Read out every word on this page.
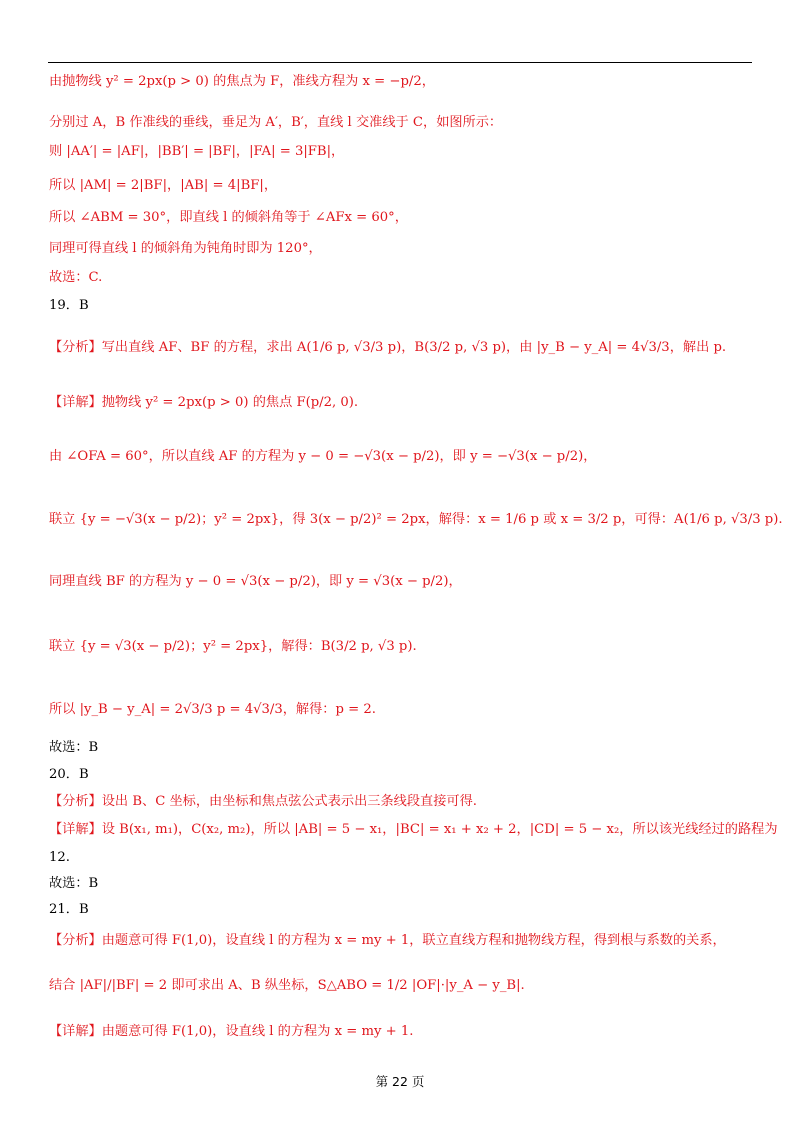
由抛物线 y² = 2px(p > 0) 的焦点为 F，准线方程为 x = −p/2，
分别过 A，B 作准线的垂线，垂足为 A′，B′，直线 l 交准线于 C，如图所示：
则 |AA′| = |AF|，|BB′| = |BF|，|FA| = 3|FB|，
所以 |AM| = 2|BF|，|AB| = 4|BF|，
所以 ∠ABM = 30°，即直线 l 的倾斜角等于 ∠AFx = 60°，
同理可得直线 l 的倾斜角为钝角时即为 120°，
故选：C.
19．B
【分析】写出直线 AF、BF 的方程，求出 A(1/6 p, √3/3 p)，B(3/2 p, √3 p)，由 |y_B − y_A| = 4√3/3，解出 p.
【详解】抛物线 y² = 2px(p > 0) 的焦点 F(p/2, 0).
由 ∠OFA = 60°，所以直线 AF 的方程为 y − 0 = −√3(x − p/2)，即 y = −√3(x − p/2)，
联立 {y = −√3(x − p/2)；y² = 2px}，得 3(x − p/2)² = 2px，解得：x = 1/6 p 或 x = 3/2 p，可得：A(1/6 p, √3/3 p).
同理直线 BF 的方程为 y − 0 = √3(x − p/2)，即 y = √3(x − p/2)，
联立 {y = √3(x − p/2)；y² = 2px}，解得：B(3/2 p, √3 p).
所以 |y_B − y_A| = 2√3/3 p = 4√3/3，解得：p = 2.
故选：B
20．B
【分析】设出 B、C 坐标，由坐标和焦点弦公式表示出三条线段直接可得.
【详解】设 B(x₁, m₁)，C(x₂, m₂)，所以 |AB| = 5 − x₁，|BC| = x₁ + x₂ + 2，|CD| = 5 − x₂，所以该光线经过的路程为
12.
故选：B
21．B
【分析】由题意可得 F(1,0)，设直线 l 的方程为 x = my + 1，联立直线方程和抛物线方程，得到根与系数的关系，
结合 |AF|/|BF| = 2 即可求出 A、B 纵坐标，S△ABO = 1/2 |OF|·|y_A − y_B|.
【详解】由题意可得 F(1,0)，设直线 l 的方程为 x = my + 1.
第 22 页
